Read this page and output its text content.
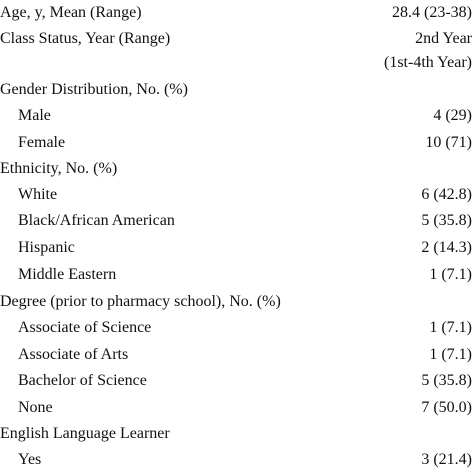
Age, y, Mean (Range)	28.4 (23-38)
Class Status, Year (Range)	2nd Year
(1st-4th Year)
Gender Distribution, No. (%)
Male	4 (29)
Female	10 (71)
Ethnicity, No. (%)
White	6 (42.8)
Black/African American	5 (35.8)
Hispanic	2 (14.3)
Middle Eastern	1 (7.1)
Degree (prior to pharmacy school), No. (%)
Associate of Science	1 (7.1)
Associate of Arts	1 (7.1)
Bachelor of Science	5 (35.8)
None	7 (50.0)
English Language Learner
Yes	3 (21.4)
